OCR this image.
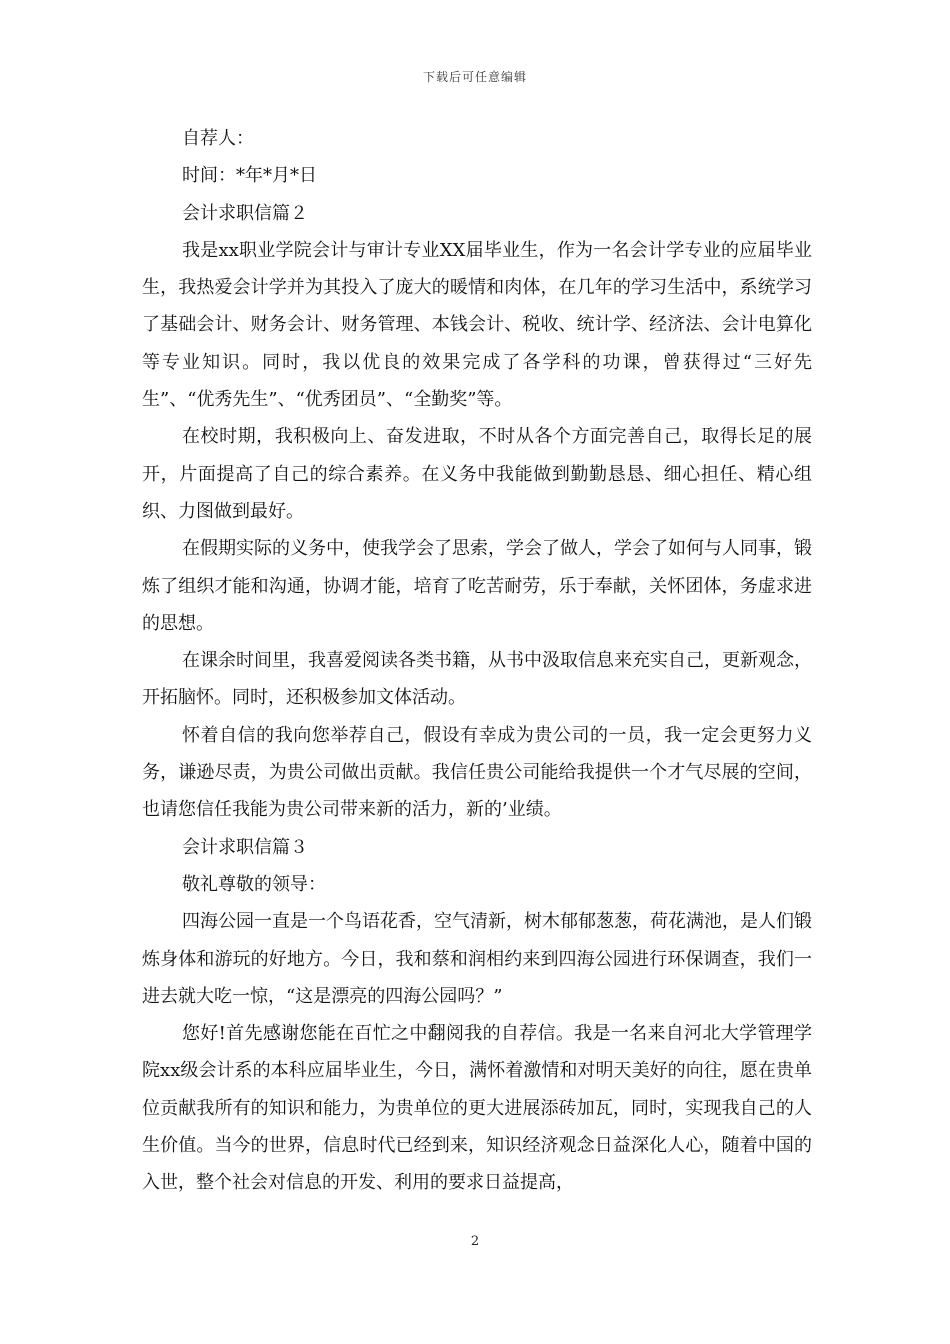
下载后可任意编辑

自荐人：

时间：*年*月*日

会计求职信篇２

我是xx职业学院会计与审计专业XX届毕业生，作为一名会计学专业的应届毕业生，我热爱会计学并为其投入了庞大的暖情和肉体，在几年的学习生活中，系统学习了基础会计、财务会计、财务管理、本钱会计、税收、统计学、经济法、会计电算化等专业知识。同时，我以优良的效果完成了各学科的功课，曾获得过“三好先生”、“优秀先生”、“优秀团员”、“全勤奖”等。

在校时期，我积极向上、奋发进取，不时从各个方面完善自己，取得长足的展开，片面提高了自己的综合素养。在义务中我能做到勤勤恳恳、细心担任、精心组织、力图做到最好。

在假期实际的义务中，使我学会了思索，学会了做人，学会了如何与人同事，锻炼了组织才能和沟通，协调才能，培育了吃苦耐劳，乐于奉献，关怀团体，务虚求进的思想。

在课余时间里，我喜爱阅读各类书籍，从书中汲取信息来充实自己，更新观念，开拓脑怀。同时，还积极参加文体活动。

怀着自信的我向您举荐自己，假设有幸成为贵公司的一员，我一定会更努力义务，谦逊尽责，为贵公司做出贡献。我信任贵公司能给我提供一个才气尽展的空间，也请您信任我能为贵公司带来新的活力，新的’业绩。

会计求职信篇３

敬礼尊敬的领导：

四海公园一直是一个鸟语花香，空气清新，树木郁郁葱葱，荷花满池，是人们锻炼身体和游玩的好地方。今日，我和蔡和润相约来到四海公园进行环保调查，我们一进去就大吃一惊，“这是漂亮的四海公园吗？”

您好!首先感谢您能在百忙之中翻阅我的自荐信。我是一名来自河北大学管理学院xx级会计系的本科应届毕业生，今日，满怀着激情和对明天美好的向往，愿在贵单位贡献我所有的知识和能力，为贵单位的更大进展添砖加瓦，同时，实现我自己的人生价值。当今的世界，信息时代已经到来，知识经济观念日益深化人心，随着中国的入世，整个社会对信息的开发、利用的要求日益提高，

2
